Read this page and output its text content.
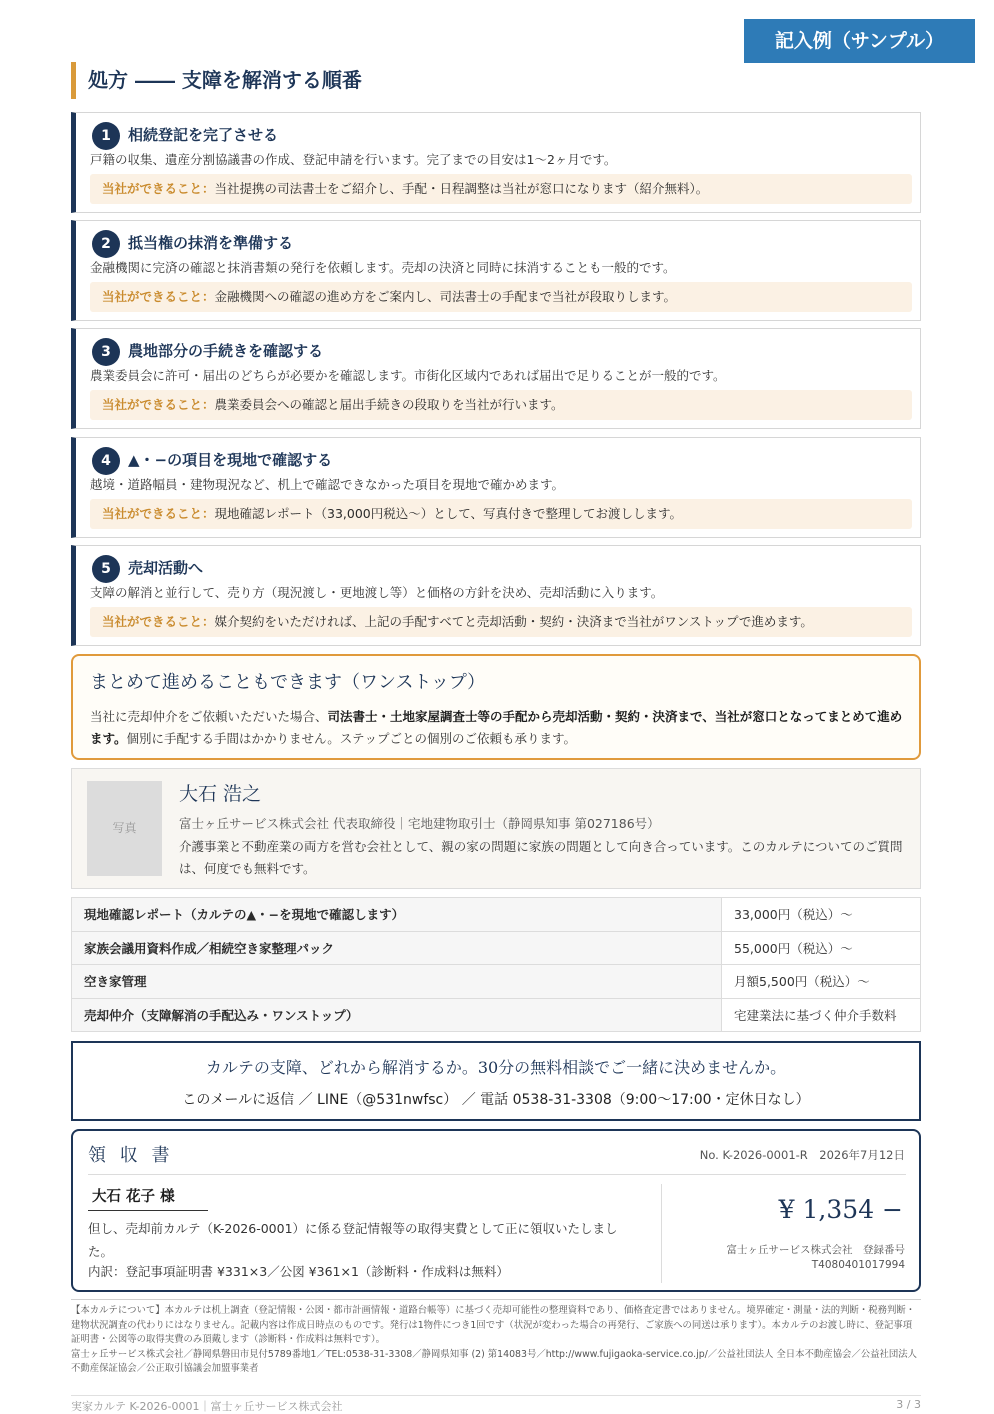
記入例（サンプル）
処方 ―― 支障を解消する順番
1	相続登記を完了させる
戸籍の収集、遺産分割協議書の作成、登記申請を行います。完了までの目安は1〜2ヶ月です。
当社ができること：当社提携の司法書士をご紹介し、手配・日程調整は当社が窓口になります（紹介無料）。
2	抵当権の抹消を準備する
金融機関に完済の確認と抹消書類の発行を依頼します。売却の決済と同時に抹消することも一般的です。
当社ができること：金融機関への確認の進め方をご案内し、司法書士の手配まで当社が段取りします。
3	農地部分の手続きを確認する
農業委員会に許可・届出のどちらが必要かを確認します。市街化区域内であれば届出で足りることが一般的です。
当社ができること：農業委員会への確認と届出手続きの段取りを当社が行います。
4	▲・−の項目を現地で確認する
越境・道路幅員・建物現況など、机上で確認できなかった項目を現地で確かめます。
当社ができること：現地確認レポート（33,000円税込〜）として、写真付きで整理してお渡しします。
5	売却活動へ
支障の解消と並行して、売り方（現況渡し・更地渡し等）と価格の方針を決め、売却活動に入ります。
当社ができること：媒介契約をいただければ、上記の手配すべてと売却活動・契約・決済まで当社がワンストップで進めます。
まとめて進めることもできます（ワンストップ）
当社に売却仲介をご依頼いただいた場合、司法書士・土地家屋調査士等の手配から売却活動・契約・決済まで、当社が窓口となってまとめて進めます。個別に手配する手間はかかりません。ステップごとの個別のご依頼も承ります。
写真
大石 浩之
富士ヶ丘サービス株式会社 代表取締役｜宅地建物取引士（静岡県知事 第027186号）
介護事業と不動産業の両方を営む会社として、親の家の問題に家族の問題として向き合っています。このカルテについてのご質問は、何度でも無料です。
現地確認レポート（カルテの▲・−を現地で確認します）	33,000円（税込）〜
家族会議用資料作成／相続空き家整理パック	55,000円（税込）〜
空き家管理	月額5,500円（税込）〜
売却仲介（支障解消の手配込み・ワンストップ）	宅建業法に基づく仲介手数料
カルテの支障、どれから解消するか。30分の無料相談でご一緒に決めませんか。
このメールに返信 ／ LINE（@531nwfsc） ／ 電話 0538-31-3308（9:00〜17:00・定休日なし）
領 収 書	No. K-2026-0001-R　2026年7月12日
大石 花子 様
但し、売却前カルテ（K-2026-0001）に係る登記情報等の取得実費として正に領収いたしました。
内訳：登記事項証明書 ¥331×3／公図 ¥361×1（診断料・作成料は無料）
¥ 1,354 −
富士ヶ丘サービス株式会社　登録番号
T4080401017994

【本カルテについて】本カルテは机上調査（登記情報・公図・都市計画情報・道路台帳等）に基づく売却可能性の整理資料であり、価格査定書ではありません。境界確定・測量・法的判断・税務判断・建物状況調査の代わりにはなりません。記載内容は作成日時点のものです。発行は1物件につき1回です（状況が変わった場合の再発行、ご家族への同送は承ります）。本カルテのお渡し時に、登記事項証明書・公図等の取得実費のみ頂戴します（診断料・作成料は無料です）。

富士ヶ丘サービス株式会社／静岡県磐田市見付5789番地1／TEL:0538-31-3308／静岡県知事 (2) 第14083号／http://www.fujigaoka-service.co.jp/／公益社団法人 全日本不動産協会／公益社団法人 不動産保証協会／公正取引協議会加盟事業者

実家カルテ K-2026-0001｜富士ヶ丘サービス株式会社	3 / 3
